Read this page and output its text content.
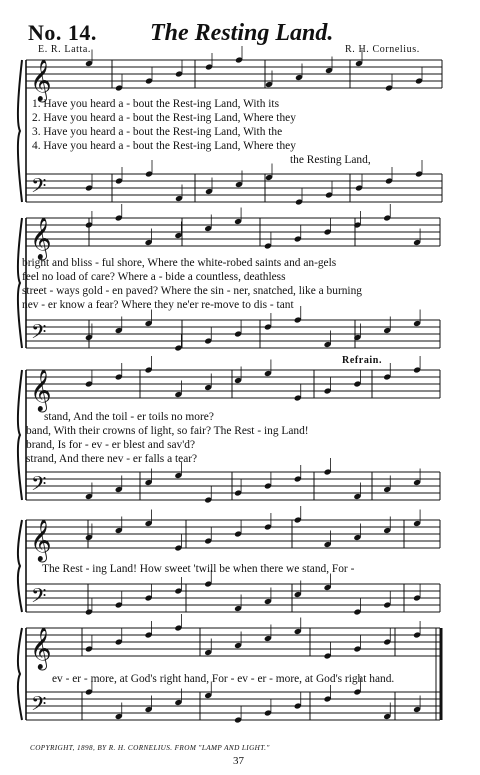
No. 14. The Resting Land.
E. R. Latta.	R. H. Cornelius.
𝄞
𝄢
𝄞
𝄢
𝄞
𝄢
𝄞
𝄢
𝄞
𝄢
1. Have you heard a - bout the Rest-ing Land, With its
2. Have you heard a - bout the Rest-ing Land, Where they
3. Have you heard a - bout the Rest-ing Land, With the
4. Have you heard a - bout the Rest-ing Land, Where they
the Resting Land,
bright and bliss - ful shore, Where the white-robed saints and an-gels
feel no load of care? Where a - bide a countless, deathless
street - ways gold - en paved? Where the sin - ner, snatched, like a burning
nev - er know a fear? Where they ne'er re-move to dis - tant
Refrain.
stand, And the toil - er toils no more?
band, With their crowns of light, so fair? The Rest - ing Land!
brand, Is for - ev - er blest and sav'd?
strand, And there nev - er falls a tear?
The Rest - ing Land! How sweet 'twill be when there we stand, For -
ev - er - more, at God's right hand, For - ev - er - more, at God's right hand.
COPYRIGHT, 1898, BY R. H. CORNELIUS. FROM "LAMP AND LIGHT."
37
